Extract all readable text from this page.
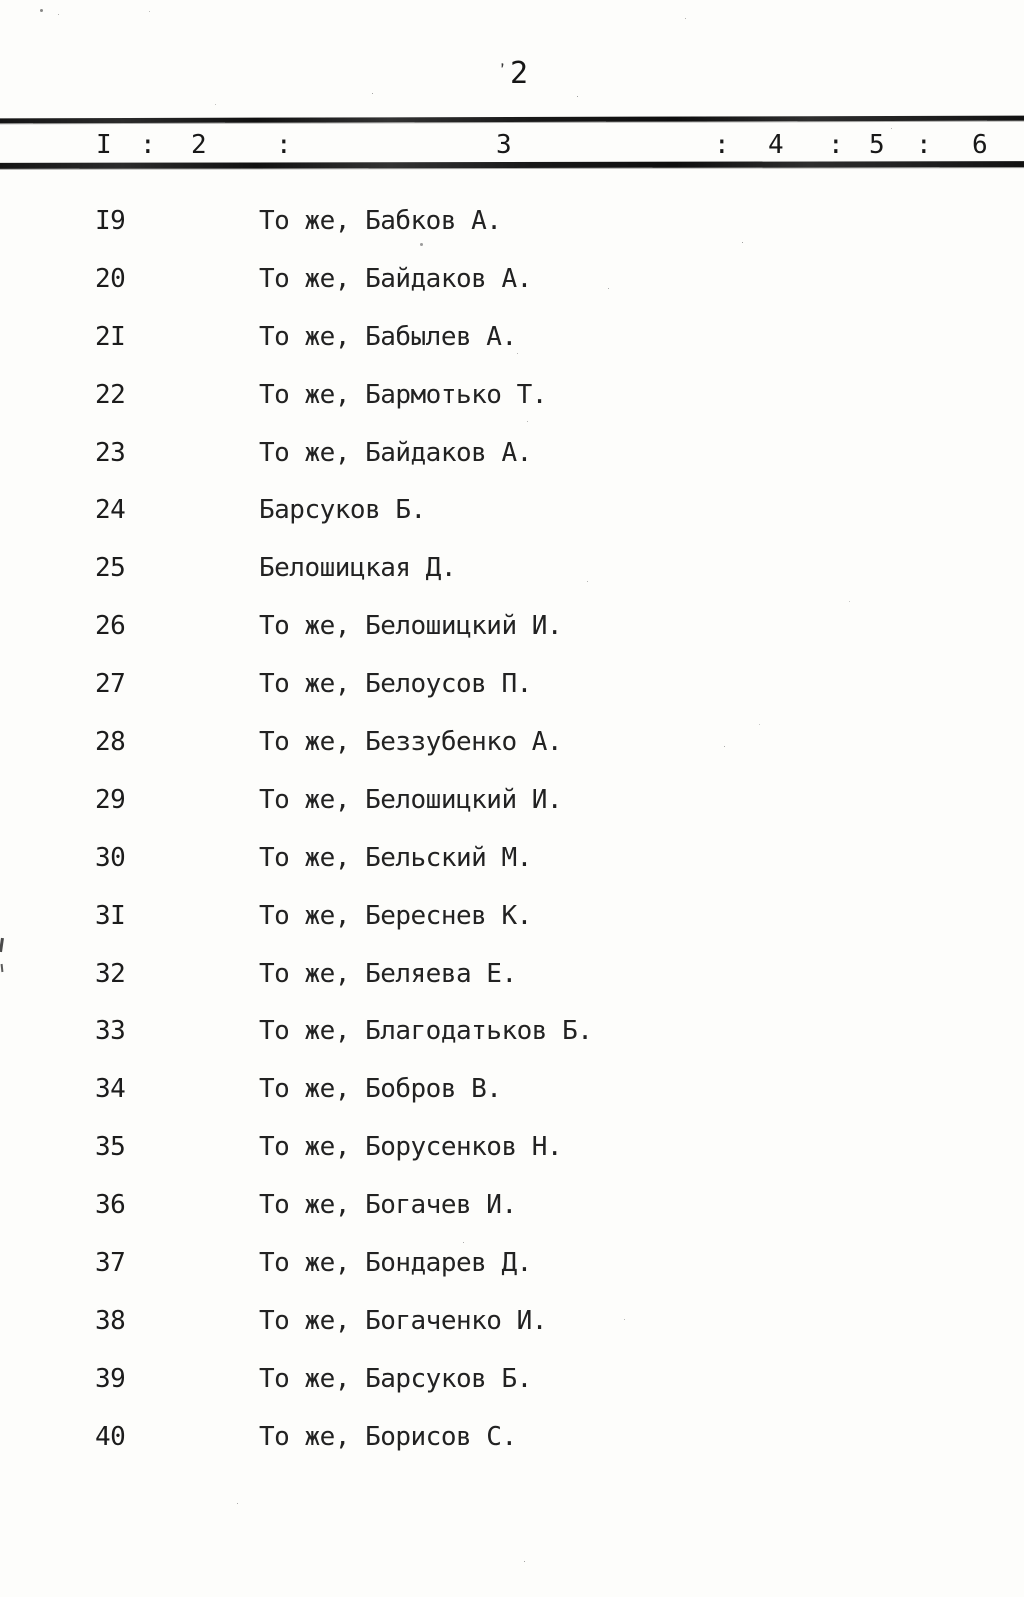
’ 2
I : 2	:	3	: 4 : 5 : 6
I9	То же, Бабков А.
20	То же, Байдаков А.
2I	То же, Бабылев А.
22	То же, Бармотько Т.
23	То же, Байдаков А.
24	Барсуков Б.
25	Белошицкая Д.
26	То же, Белошицкий И.
27	То же, Белоусов П.
28	То же, Беззубенко А.
29	То же, Белошицкий И.
30	То же, Бельский М.
3I	То же, Береснев К.
32	То же, Беляева Е.
33	То же, Благодатьков Б.
34	То же, Бобров В.
35	То же, Борусенков Н.
36	То же, Богачев И.
37	То же, Бондарев Д.
38	То же, Богаченко И.
39	То же, Барсуков Б.
40	То же, Борисов С.
